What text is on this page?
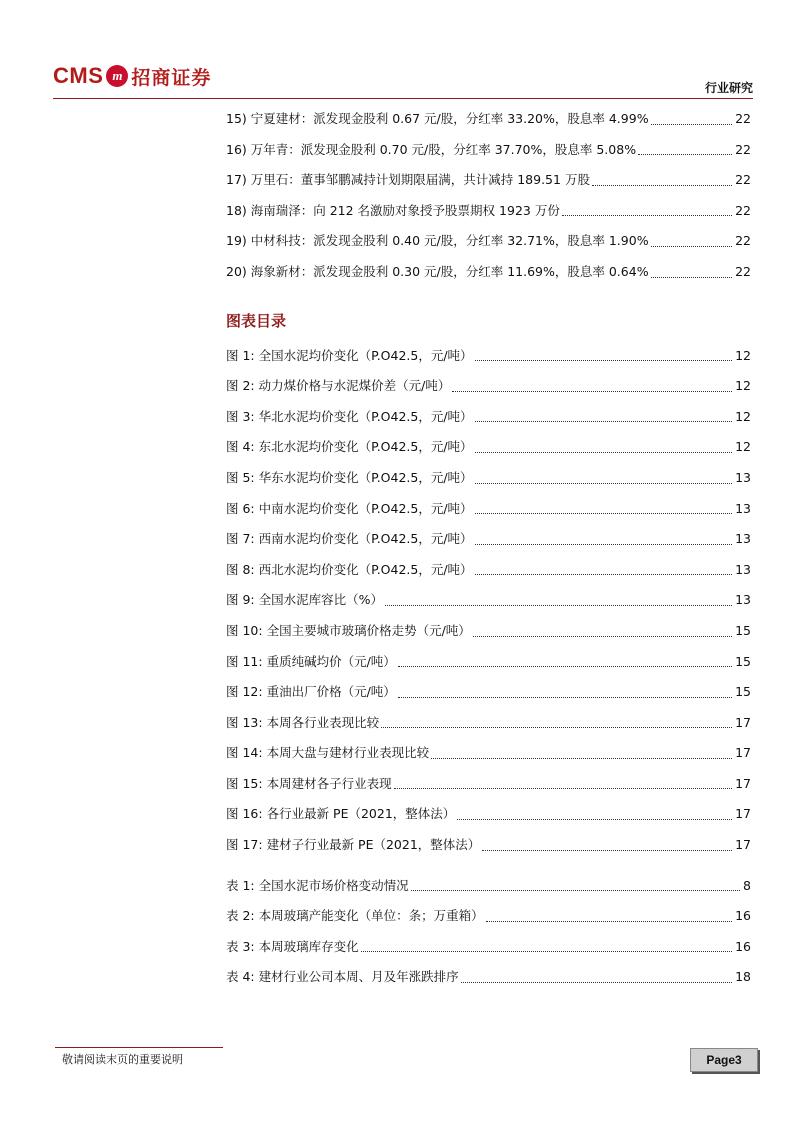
CMS m 招商证券	行业研究
15) 宁夏建材：派发现金股利 0.67 元/股，分红率 33.20%，股息率 4.99%	22
16) 万年青：派发现金股利 0.70 元/股，分红率 37.70%，股息率 5.08%	22
17) 万里石：董事邹鹏减持计划期限届满，共计减持 189.51 万股	22
18) 海南瑞泽：向 212 名激励对象授予股票期权 1923 万份	22
19) 中材科技：派发现金股利 0.40 元/股，分红率 32.71%，股息率 1.90%	22
20) 海象新材：派发现金股利 0.30 元/股，分红率 11.69%，股息率 0.64%	22
图表目录
图 1: 全国水泥均价变化（P.O42.5，元/吨）	12
图 2: 动力煤价格与水泥煤价差（元/吨）	12
图 3: 华北水泥均价变化（P.O42.5，元/吨）	12
图 4: 东北水泥均价变化（P.O42.5，元/吨）	12
图 5: 华东水泥均价变化（P.O42.5，元/吨）	13
图 6: 中南水泥均价变化（P.O42.5，元/吨）	13
图 7: 西南水泥均价变化（P.O42.5，元/吨）	13
图 8: 西北水泥均价变化（P.O42.5，元/吨）	13
图 9: 全国水泥库容比（%）	13
图 10: 全国主要城市玻璃价格走势（元/吨）	15
图 11: 重质纯碱均价（元/吨）	15
图 12: 重油出厂价格（元/吨）	15
图 13: 本周各行业表现比较	17
图 14: 本周大盘与建材行业表现比较	17
图 15: 本周建材各子行业表现	17
图 16: 各行业最新 PE（2021，整体法）	17
图 17: 建材子行业最新 PE（2021，整体法）	17
表 1: 全国水泥市场价格变动情况	8
表 2: 本周玻璃产能变化（单位：条；万重箱）	16
表 3: 本周玻璃库存变化	16
表 4: 建材行业公司本周、月及年涨跌排序	18
敬请阅读末页的重要说明	Page3
